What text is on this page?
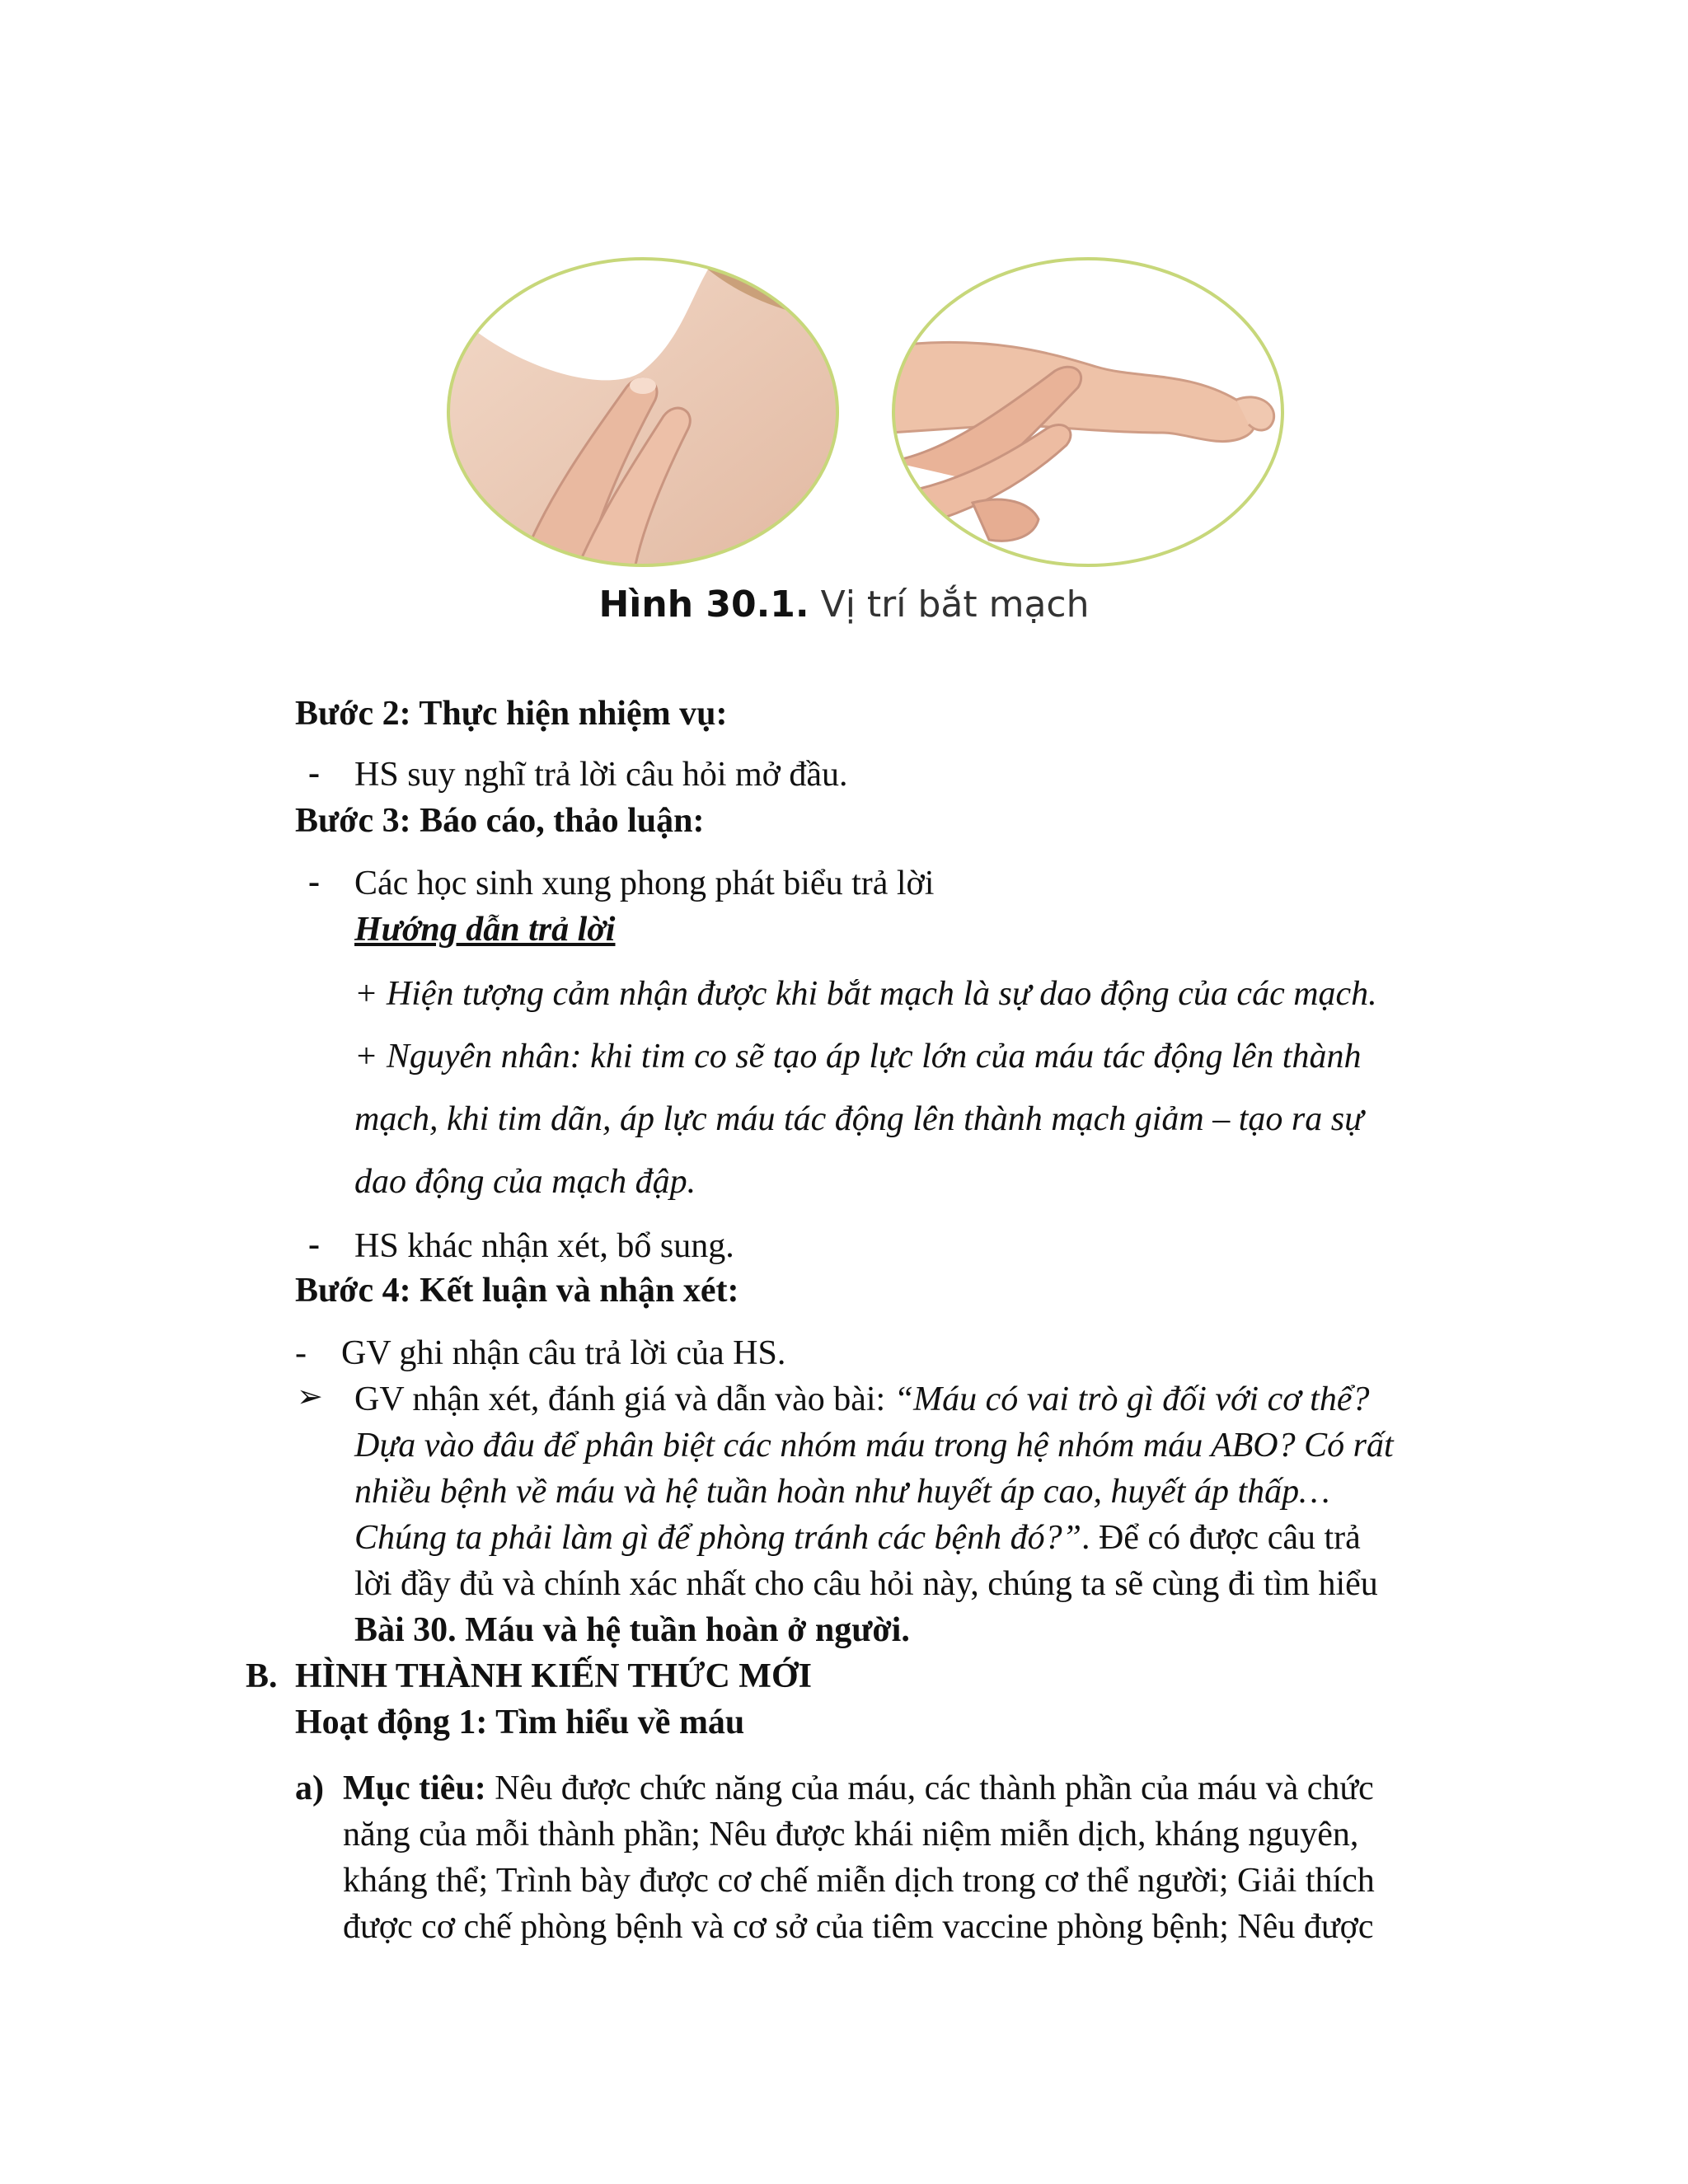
Hình 30.1. Vị trí bắt mạch
Bước 2: Thực hiện nhiệm vụ:
- HS suy nghĩ trả lời câu hỏi mở đầu.
Bước 3: Báo cáo, thảo luận:
- Các học sinh xung phong phát biểu trả lời
Hướng dẫn trả lời
+ Hiện tượng cảm nhận được khi bắt mạch là sự dao động của các mạch.
+ Nguyên nhân: khi tim co sẽ tạo áp lực lớn của máu tác động lên thành
mạch, khi tim dãn, áp lực máu tác động lên thành mạch giảm – tạo ra sự
dao động của mạch đập.
- HS khác nhận xét, bổ sung.
Bước 4: Kết luận và nhận xét:
- GV ghi nhận câu trả lời của HS.
➢ GV nhận xét, đánh giá và dẫn vào bài: “Máu có vai trò gì đối với cơ thể?
Dựa vào đâu để phân biệt các nhóm máu trong hệ nhóm máu ABO? Có rất
nhiều bệnh về máu và hệ tuần hoàn như huyết áp cao, huyết áp thấp…
Chúng ta phải làm gì để phòng tránh các bệnh đó?”. Để có được câu trả
lời đầy đủ và chính xác nhất cho câu hỏi này, chúng ta sẽ cùng đi tìm hiểu
Bài 30. Máu và hệ tuần hoàn ở người.
B. HÌNH THÀNH KIẾN THỨC MỚI
Hoạt động 1: Tìm hiểu về máu
a) Mục tiêu: Nêu được chức năng của máu, các thành phần của máu và chức
năng của mỗi thành phần; Nêu được khái niệm miễn dịch, kháng nguyên,
kháng thể; Trình bày được cơ chế miễn dịch trong cơ thể người; Giải thích
được cơ chế phòng bệnh và cơ sở của tiêm vaccine phòng bệnh; Nêu được
